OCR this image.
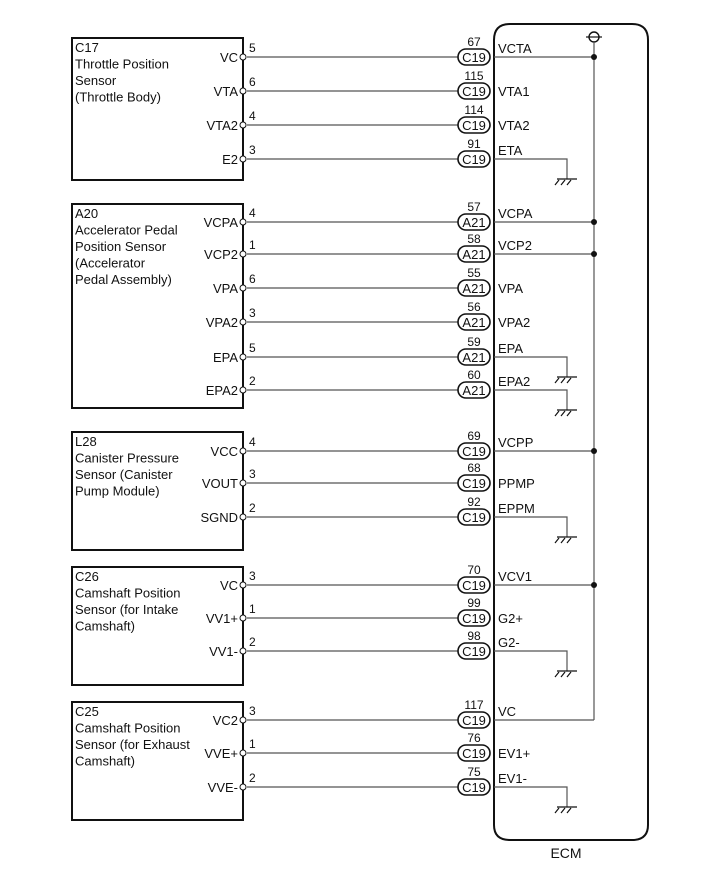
ECM
C17
Throttle Position
Sensor
(Throttle Body)
VC
5
C19
67 VCTA
VTA
6
C19
115
VTA1
VTA2
4
C19
114
VTA2
E2
3
C19
91 ETA
A20
Accelerator Pedal
Position Sensor
(Accelerator
Pedal Assembly)
VCPA
4
A21
57 VCPA
VCP2
1
A21
58 VCP2
VPA
6
A21
55
VPA
VPA2
3
A21
56
VPA2
EPA
5
A21
59 EPA
EPA2
2
A21
60 EPA2
L28
Canister Pressure
Sensor (Canister
Pump Module)
VCC
4
C19
69 VCPP
VOUT
3
C19
68
PPMP
SGND
2
C19
92 EPPM
C26
Camshaft Position
Sensor (for Intake
Camshaft)
VC
3
C19
70 VCV1
VV1+
1
C19
99
G2+
VV1-
2
C19
98 G2-
C25
Camshaft Position
Sensor (for Exhaust
Camshaft)
VC2
3
C19
117 VC
VVE+
1
C19
76
EV1+
VVE-
2
C19
75 EV1-
